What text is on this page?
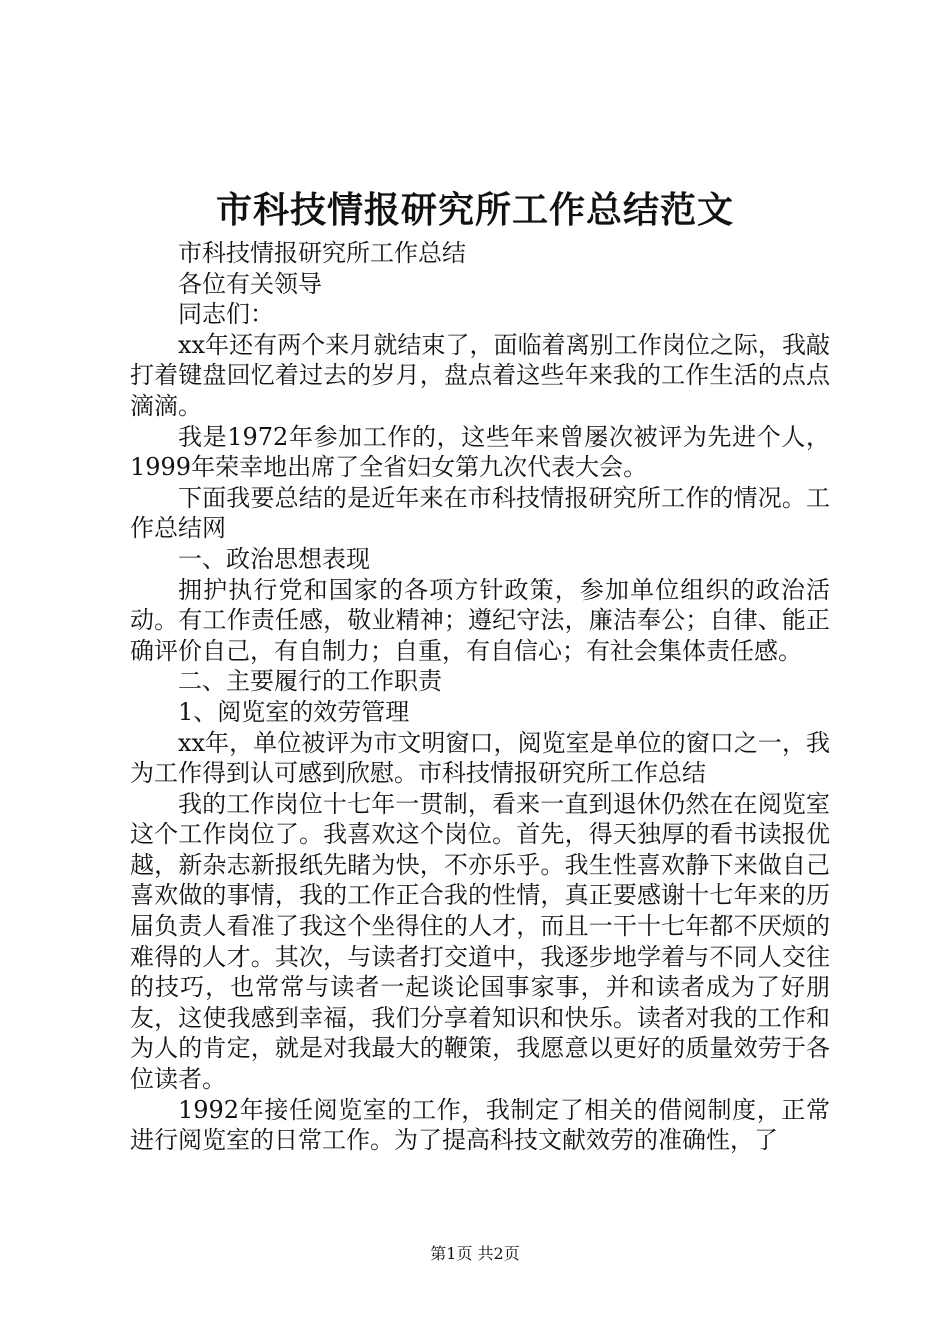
市科技情报研究所工作总结范文

市科技情报研究所工作总结

各位有关领导

同志们：

xx年还有两个来月就结束了，面临着离别工作岗位之际，我敲打着键盘回忆着过去的岁月，盘点着这些年来我的工作生活的点点滴滴。

我是1972年参加工作的，这些年来曾屡次被评为先进个人，1999年荣幸地出席了全省妇女第九次代表大会。

下面我要总结的是近年来在市科技情报研究所工作的情况。工作总结网

一、政治思想表现

拥护执行党和国家的各项方针政策，参加单位组织的政治活动。有工作责任感，敬业精神；遵纪守法，廉洁奉公；自律、能正确评价自己，有自制力；自重，有自信心；有社会集体责任感。

二、主要履行的工作职责

1、阅览室的效劳管理

xx年，单位被评为市文明窗口，阅览室是单位的窗口之一，我为工作得到认可感到欣慰。市科技情报研究所工作总结

我的工作岗位十七年一贯制，看来一直到退休仍然在在阅览室这个工作岗位了。我喜欢这个岗位。首先，得天独厚的看书读报优越，新杂志新报纸先睹为快，不亦乐乎。我生性喜欢静下来做自己喜欢做的事情，我的工作正合我的性情，真正要感谢十七年来的历届负责人看准了我这个坐得住的人才，而且一干十七年都不厌烦的难得的人才。其次，与读者打交道中，我逐步地学着与不同人交往的技巧，也常常与读者一起谈论国事家事，并和读者成为了好朋友，这使我感到幸福，我们分享着知识和快乐。读者对我的工作和为人的肯定，就是对我最大的鞭策，我愿意以更好的质量效劳于各位读者。

1992年接任阅览室的工作，我制定了相关的借阅制度，正常进行阅览室的日常工作。为了提高科技文献效劳的准确性，了

第1页 共2页
